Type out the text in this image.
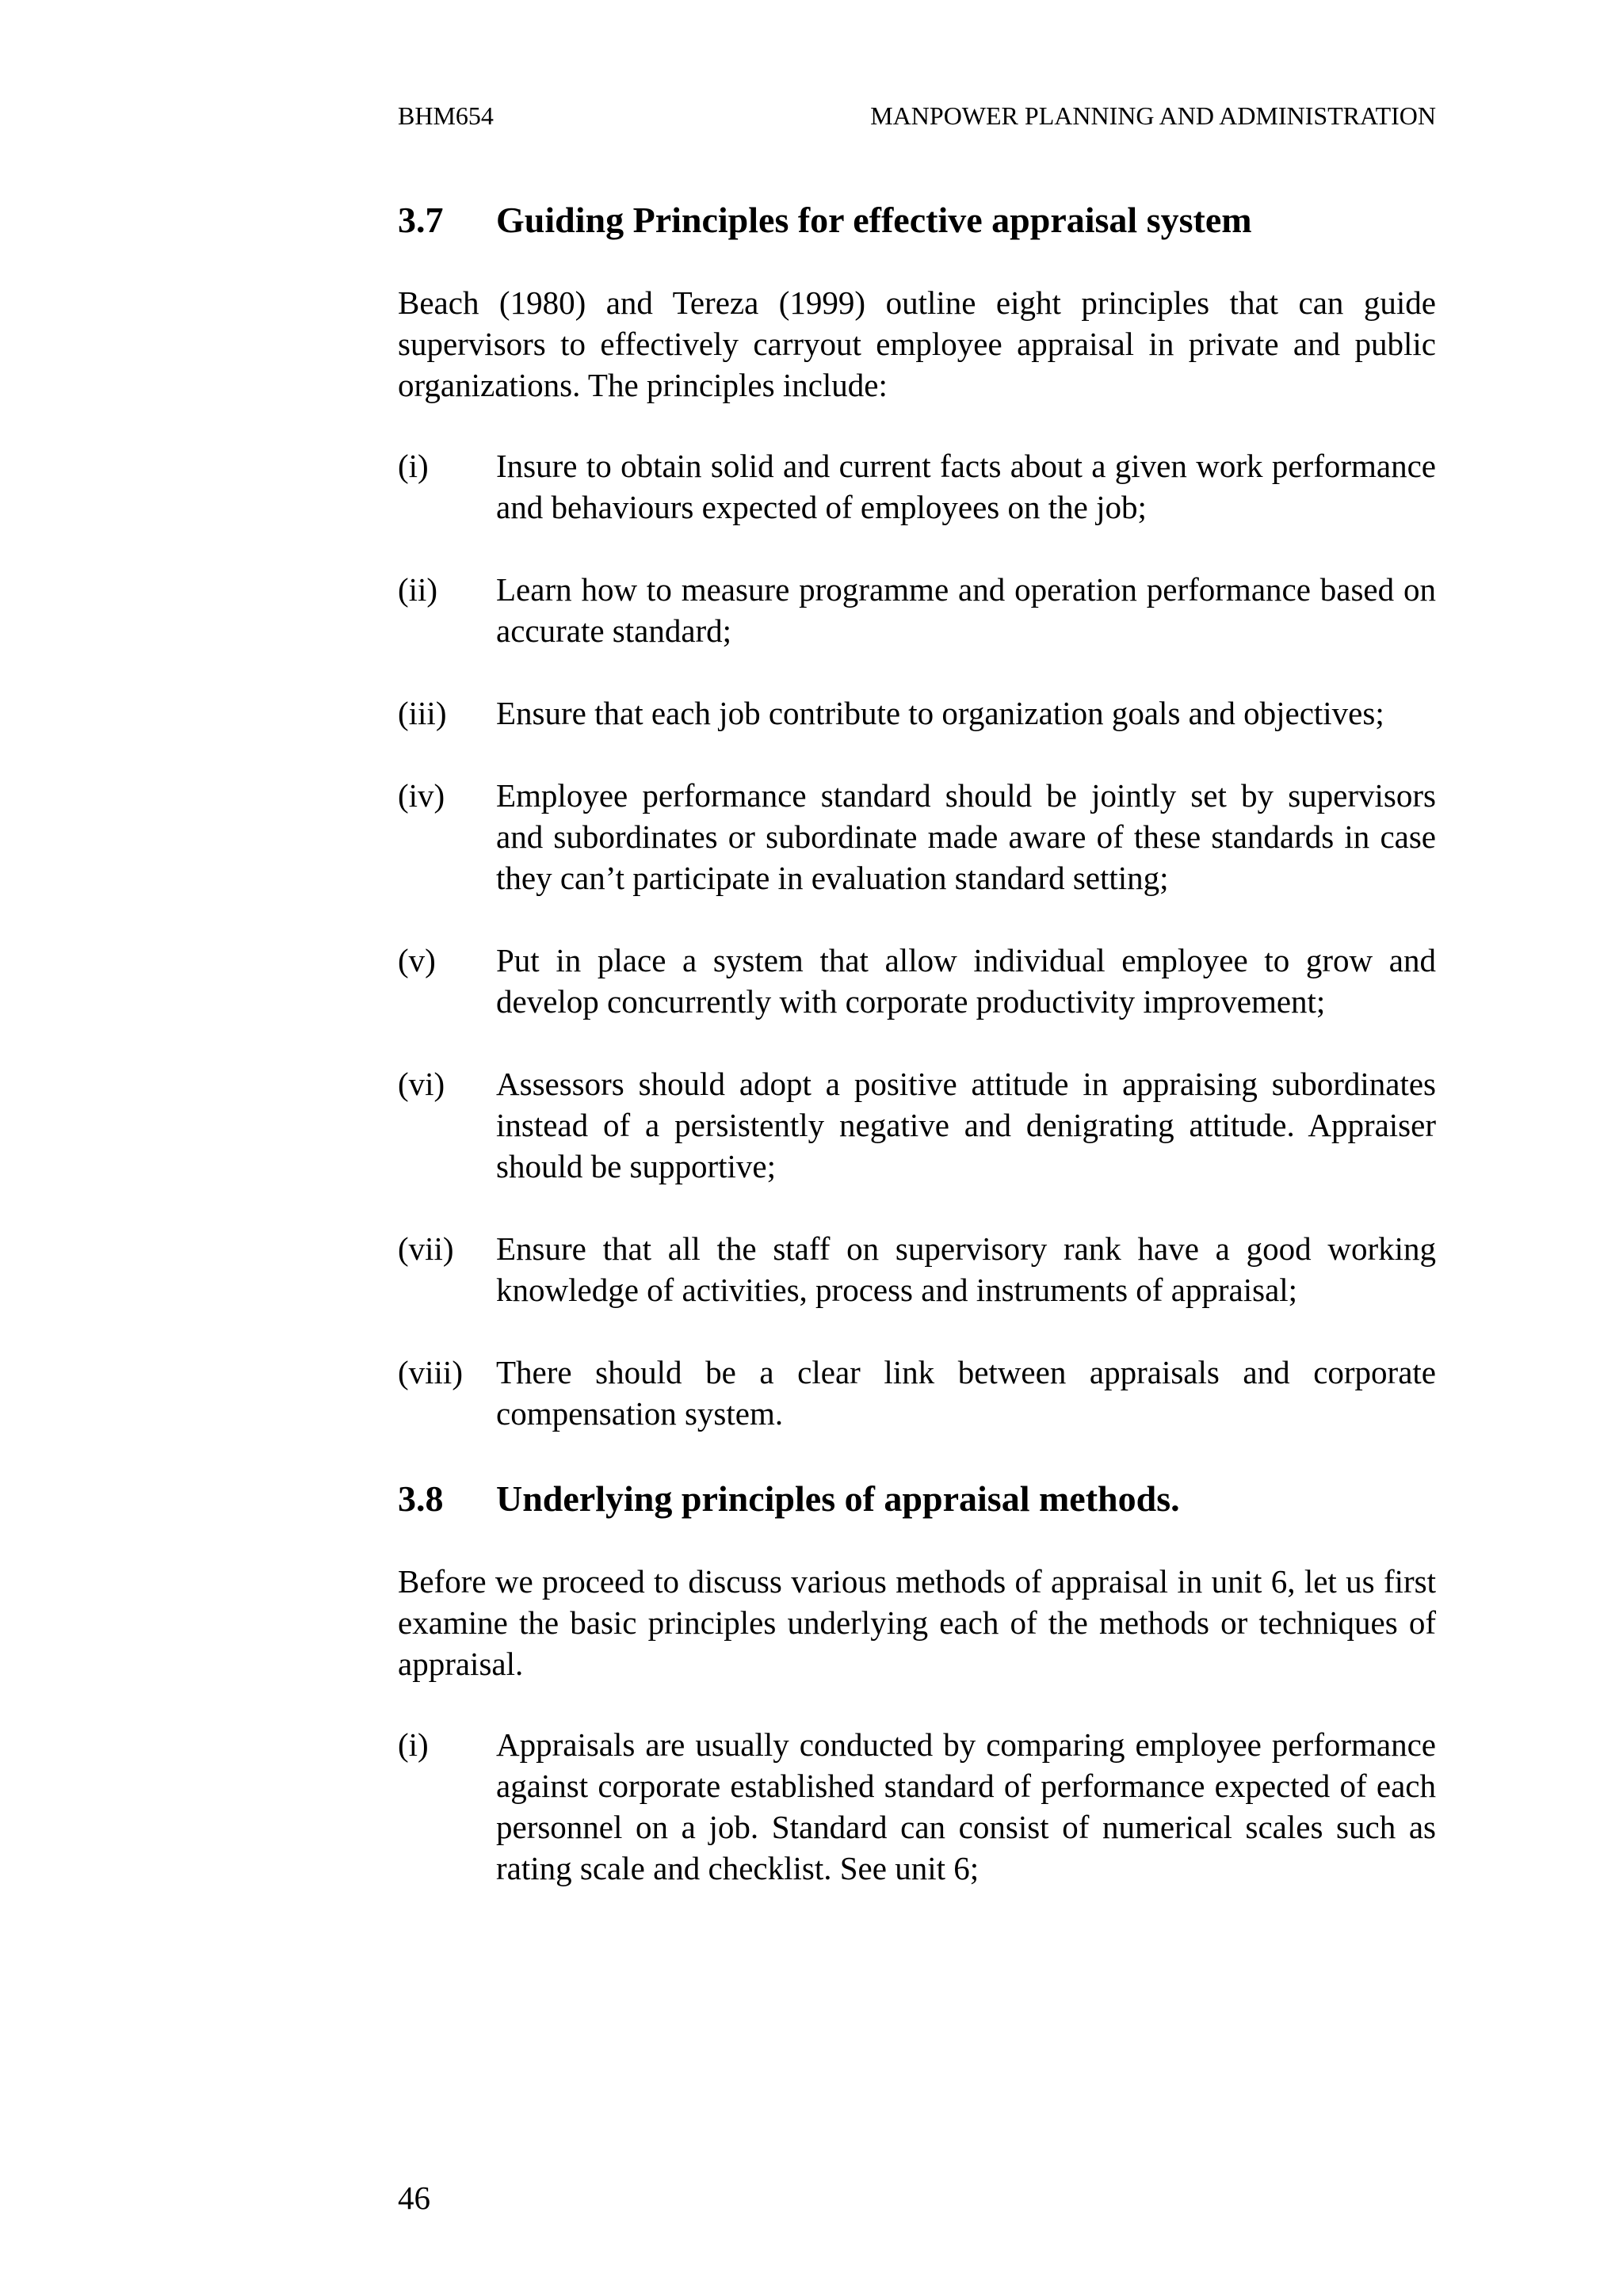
BHM654	MANPOWER PLANNING AND ADMINISTRATION
3.7	Guiding Principles for effective appraisal system

Beach (1980) and Tereza (1999) outline eight principles that can guide supervisors to effectively carryout employee appraisal in private and public organizations. The principles include:

(i)	Insure to obtain solid and current facts about a given work performance and behaviours expected of employees on the job;
(ii)	Learn how to measure programme and operation performance based on accurate standard;
(iii)	Ensure that each job contribute to organization goals and objectives;
(iv)	Employee performance standard should be jointly set by supervisors and subordinates or subordinate made aware of these standards in case they can’t participate in evaluation standard setting;
(v)	Put in place a system that allow individual employee to grow and develop concurrently with corporate productivity improvement;
(vi)	Assessors should adopt a positive attitude in appraising subordinates instead of a persistently negative and denigrating attitude. Appraiser should be supportive;
(vii)	Ensure that all the staff on supervisory rank have a good working knowledge of activities, process and instruments of appraisal;
(viii)	There should be a clear link between appraisals and corporate compensation system.
3.8	Underlying principles of appraisal methods.

Before we proceed to discuss various methods of appraisal in unit 6, let us first examine the basic principles underlying each of the methods or techniques of appraisal.

(i)	Appraisals are usually conducted by comparing employee performance against corporate established standard of performance expected of each personnel on a job. Standard can consist of numerical scales such as rating scale and checklist. See unit 6;
46
